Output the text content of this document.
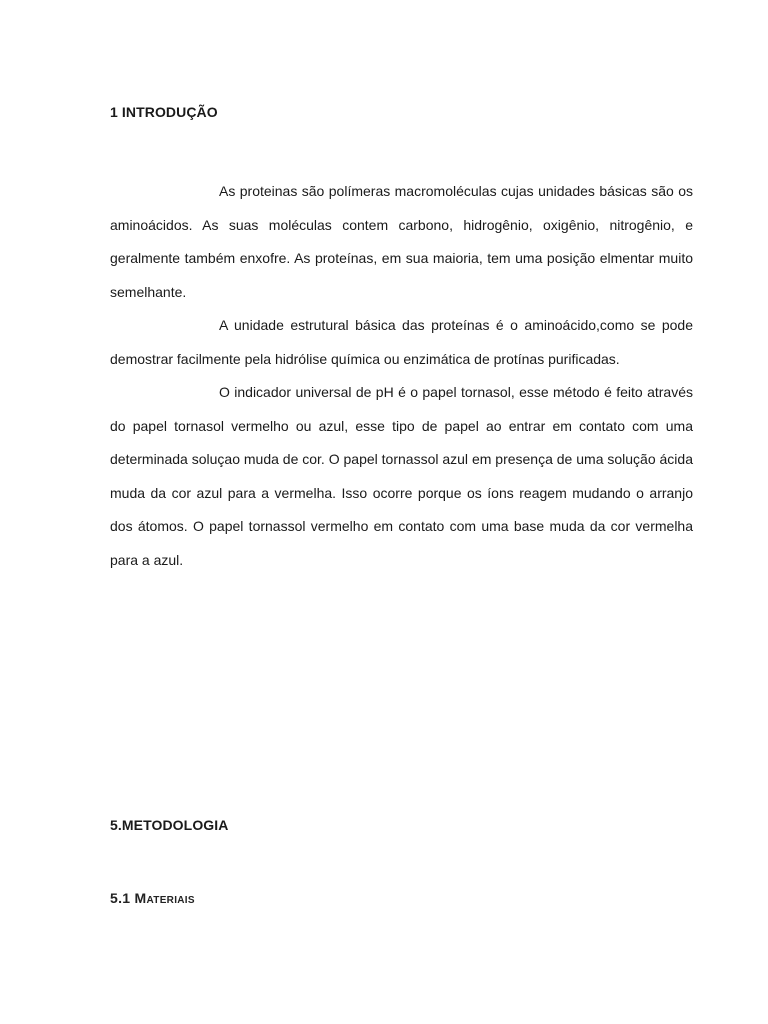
1 INTRODUÇÃO

As proteinas são polímeras macromoléculas cujas unidades básicas são os aminoácidos. As suas moléculas contem carbono, hidrogênio, oxigênio, nitrogênio, e geralmente também enxofre. As proteínas, em sua maioria, tem uma posição elmentar muito semelhante.

A unidade estrutural básica das proteínas é o aminoácido,como se pode demostrar facilmente pela hidrólise química ou enzimática de protínas purificadas.

O indicador universal de pH é o papel tornasol, esse método é feito através do papel tornasol vermelho ou azul, esse tipo de papel ao entrar em contato com uma determinada soluçao muda de cor. O papel tornassol azul em presença de uma solução ácida muda da cor azul para a vermelha. Isso ocorre porque os íons reagem mudando o arranjo dos átomos. O papel tornassol vermelho em contato com uma base muda da cor vermelha para a azul.

5.METODOLOGIA
5.1 Materiais
